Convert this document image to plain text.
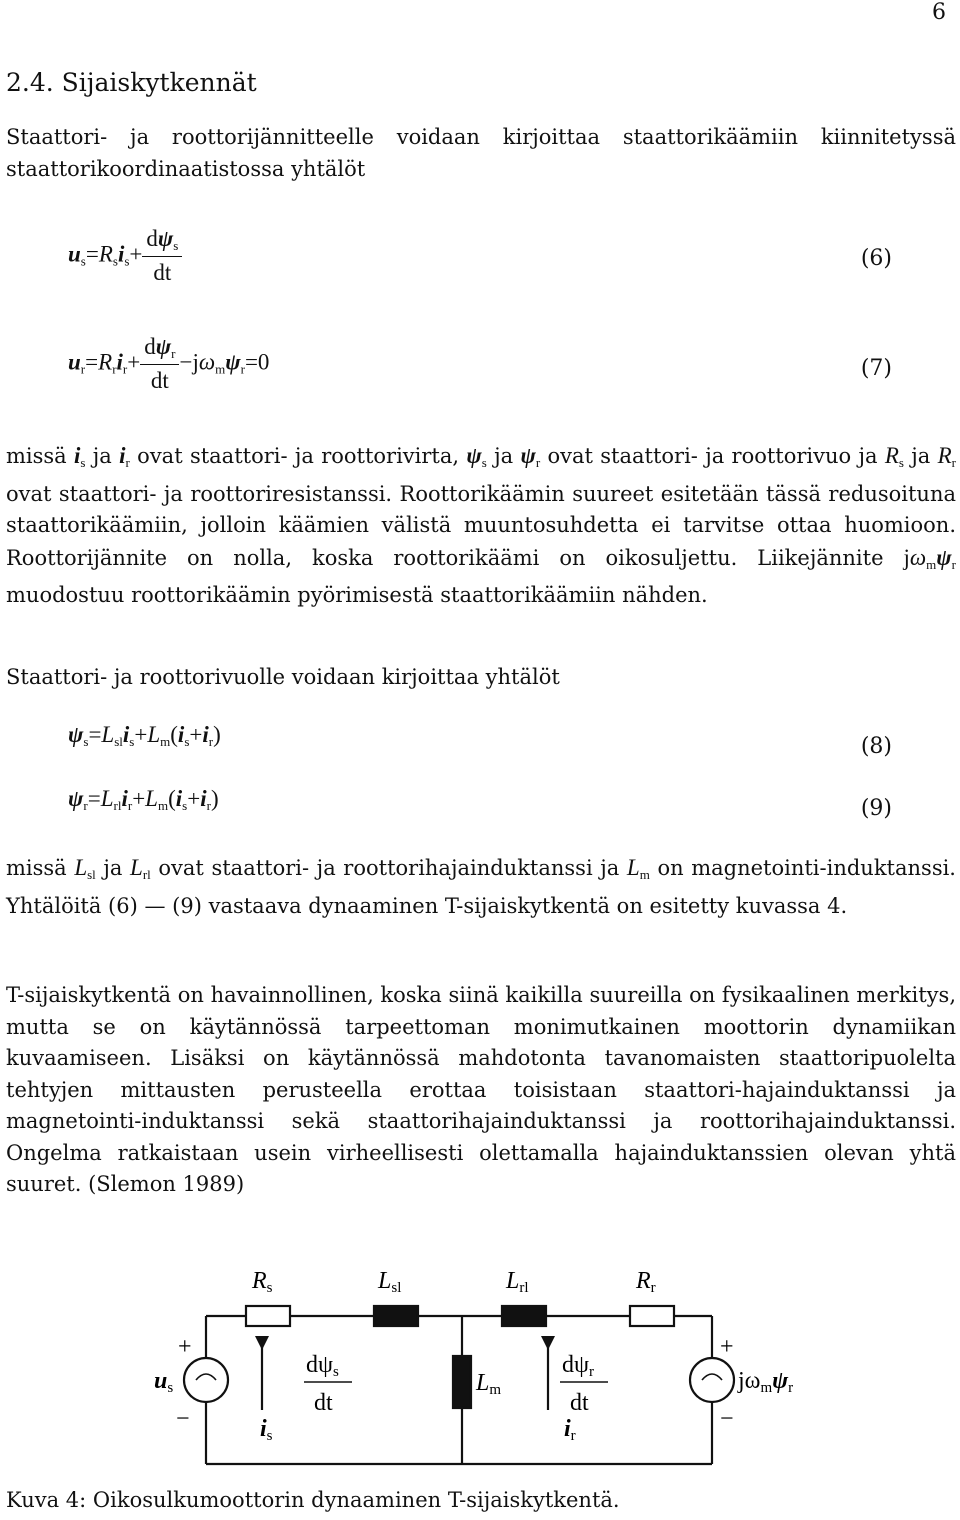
6
2.4. Sijaiskytkennät
Staattori- ja roottorijännitteelle voidaan kirjoittaa staattorikäämiin kiinnitetyssä staattorikoordinaatistossa yhtälöt
$u_s=R_si_s+ \frac{d\psi_s}{dt}$	(6)
$u_r=R_ri_r+ \frac{d\psi_r}{dt} -j\omega_m\psi_r=0$	(7)
missä $i_s$ ja $i_r$ ovat staattori- ja roottorivirta, $\psi_s$ ja $\psi_r$ ovat staattori- ja roottorivuo ja $R_s$ ja $R_r$ ovat staattori- ja roottoriresistanssi. Roottorikäämin suureet esitetään tässä redusoituna staattorikäämiin, jolloin käämien välistä muuntosuhdetta ei tarvitse ottaa huomioon. Roottorijännite on nolla, koska roottorikäämi on oikosuljettu. Liikejännite $j\omega_m\psi_r$ muodostuu roottorikäämin pyörimisestä staattorikäämiin nähden.
Staattori- ja roottorivuolle voidaan kirjoittaa yhtälöt
$\psi_s=L_{sl}i_s+L_m(i_s+i_r)$	(8)
$\psi_r=L_{rl}i_r+L_m(i_s+i_r)$	(9)
missä $L_{sl}$ ja $L_{rl}$ ovat staattori- ja roottorihajainduktanssi ja $L_m$ on magnetointi-induktanssi. Yhtälöitä (6) — (9) vastaava dynaaminen T-sijaiskytkentä on esitetty kuvassa 4.
T-sijaiskytkentä on havainnollinen, koska siinä kaikilla suureilla on fysikaalinen merkitys, mutta se on käytännössä tarpeettoman monimutkainen moottorin dynamiikan kuvaamiseen. Lisäksi on käytännössä mahdotonta tavanomaisten staattoripuolelta tehtyjen mittausten perusteella erottaa toisistaan staattori-hajainduktanssi ja magnetointi-induktanssi sekä staattorihajainduktanssi ja roottorihajainduktanssi. Ongelma ratkaistaan usein virheellisesti olettamalla hajainduktanssien olevan yhtä suuret. (Slemon 1989)
Rs	Lsl	Lrl	Rr
Lm
+
−
us
is
dψs
dt
dψr
dt
ir
+
−
jωmψr
Kuva 4: Oikosulkumoottorin dynaaminen T-sijaiskytkentä.
